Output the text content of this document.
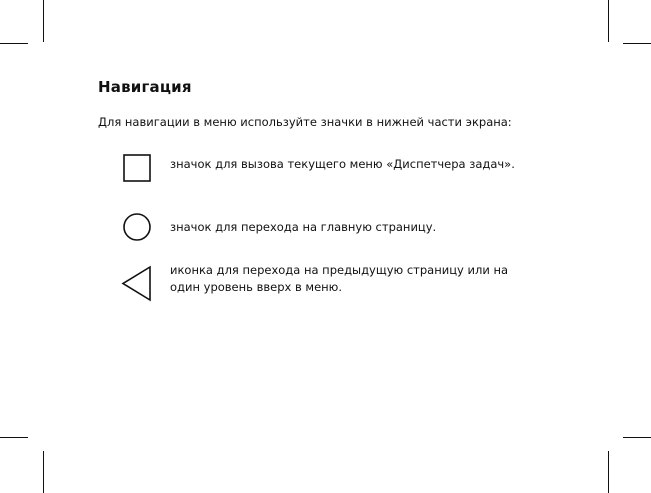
Навигация

Для навигации в меню используйте значки в нижней части экрана:

значок для вызова текущего меню «Диспетчера задач».
значок для перехода на главную страницу.
иконка для перехода на предыдущую страницу или на
один уровень вверх в меню.
